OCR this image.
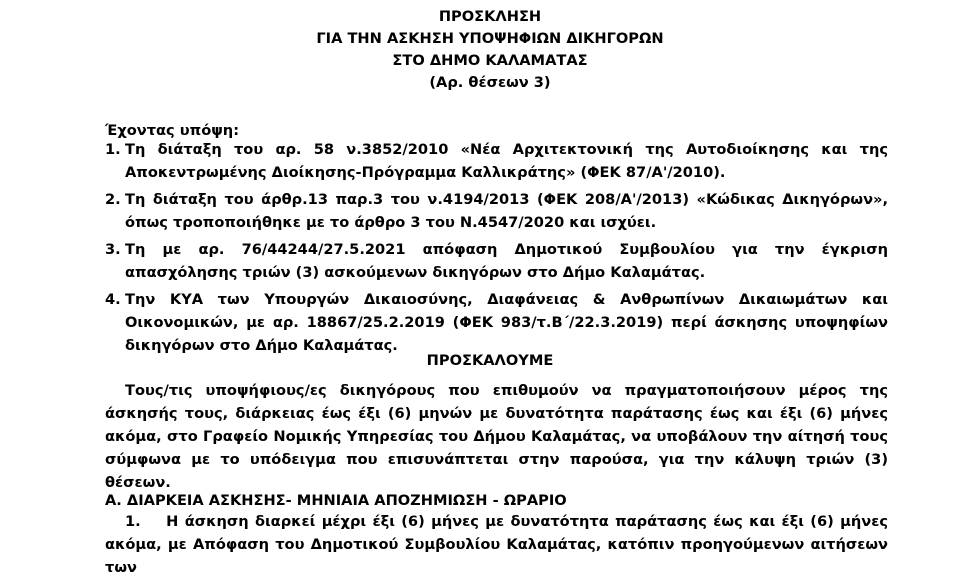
ΠΡΟΣΚΛΗΣΗ
ΓΙΑ ΤΗΝ ΑΣΚΗΣΗ ΥΠΟΨΗΦΙΩΝ ΔΙΚΗΓΟΡΩΝ
ΣΤΟ ΔΗΜΟ ΚΑΛΑΜΑΤΑΣ
(Αρ. θέσεων 3)
Έχοντας υπόψη:
1. Τη διάταξη του αρ. 58 ν.3852/2010 «Νέα Αρχιτεκτονική της Αυτοδιοίκησης και της Αποκεντρωμένης Διοίκησης-Πρόγραμμα Καλλικράτης» (ΦΕΚ 87/Α'/2010).
2. Τη διάταξη του άρθρ.13 παρ.3 του ν.4194/2013 (ΦΕΚ 208/Α'/2013) «Κώδικας Δικηγόρων», όπως τροποποιήθηκε με το άρθρο 3 του Ν.4547/2020 και ισχύει.
3. Τη με αρ. 76/44244/27.5.2021 απόφαση Δημοτικού Συμβουλίου για την έγκριση απασχόλησης τριών (3) ασκούμενων δικηγόρων στο Δήμο Καλαμάτας.
4. Την ΚΥΑ των Υπουργών Δικαιοσύνης, Διαφάνειας & Ανθρωπίνων Δικαιωμάτων και Οικονομικών, με αρ. 18867/25.2.2019 (ΦΕΚ 983/τ.Β΄/22.3.2019) περί άσκησης υποψηφίων δικηγόρων στο Δήμο Καλαμάτας.
ΠΡΟΣΚΑΛΟΥΜΕ
Τους/τις υποψήφιους/ες δικηγόρους που επιθυμούν να πραγματοποιήσουν μέρος της άσκησής τους, διάρκειας έως έξι (6) μηνών με δυνατότητα παράτασης έως και έξι (6) μήνες ακόμα, στο Γραφείο Νομικής Υπηρεσίας του Δήμου Καλαμάτας, να υποβάλουν την αίτησή τους σύμφωνα με το υπόδειγμα που επισυνάπτεται στην παρούσα, για την κάλυψη τριών (3) θέσεων.
Α. ΔΙΑΡΚΕΙΑ ΑΣΚΗΣΗΣ- ΜΗΝΙΑΙΑ ΑΠΟΖΗΜΙΩΣΗ - ΩΡΑΡΙΟ
1. Η άσκηση διαρκεί μέχρι έξι (6) μήνες με δυνατότητα παράτασης έως και έξι (6) μήνες ακόμα, με Απόφαση του Δημοτικού Συμβουλίου Καλαμάτας, κατόπιν προηγούμενων αιτήσεων των
